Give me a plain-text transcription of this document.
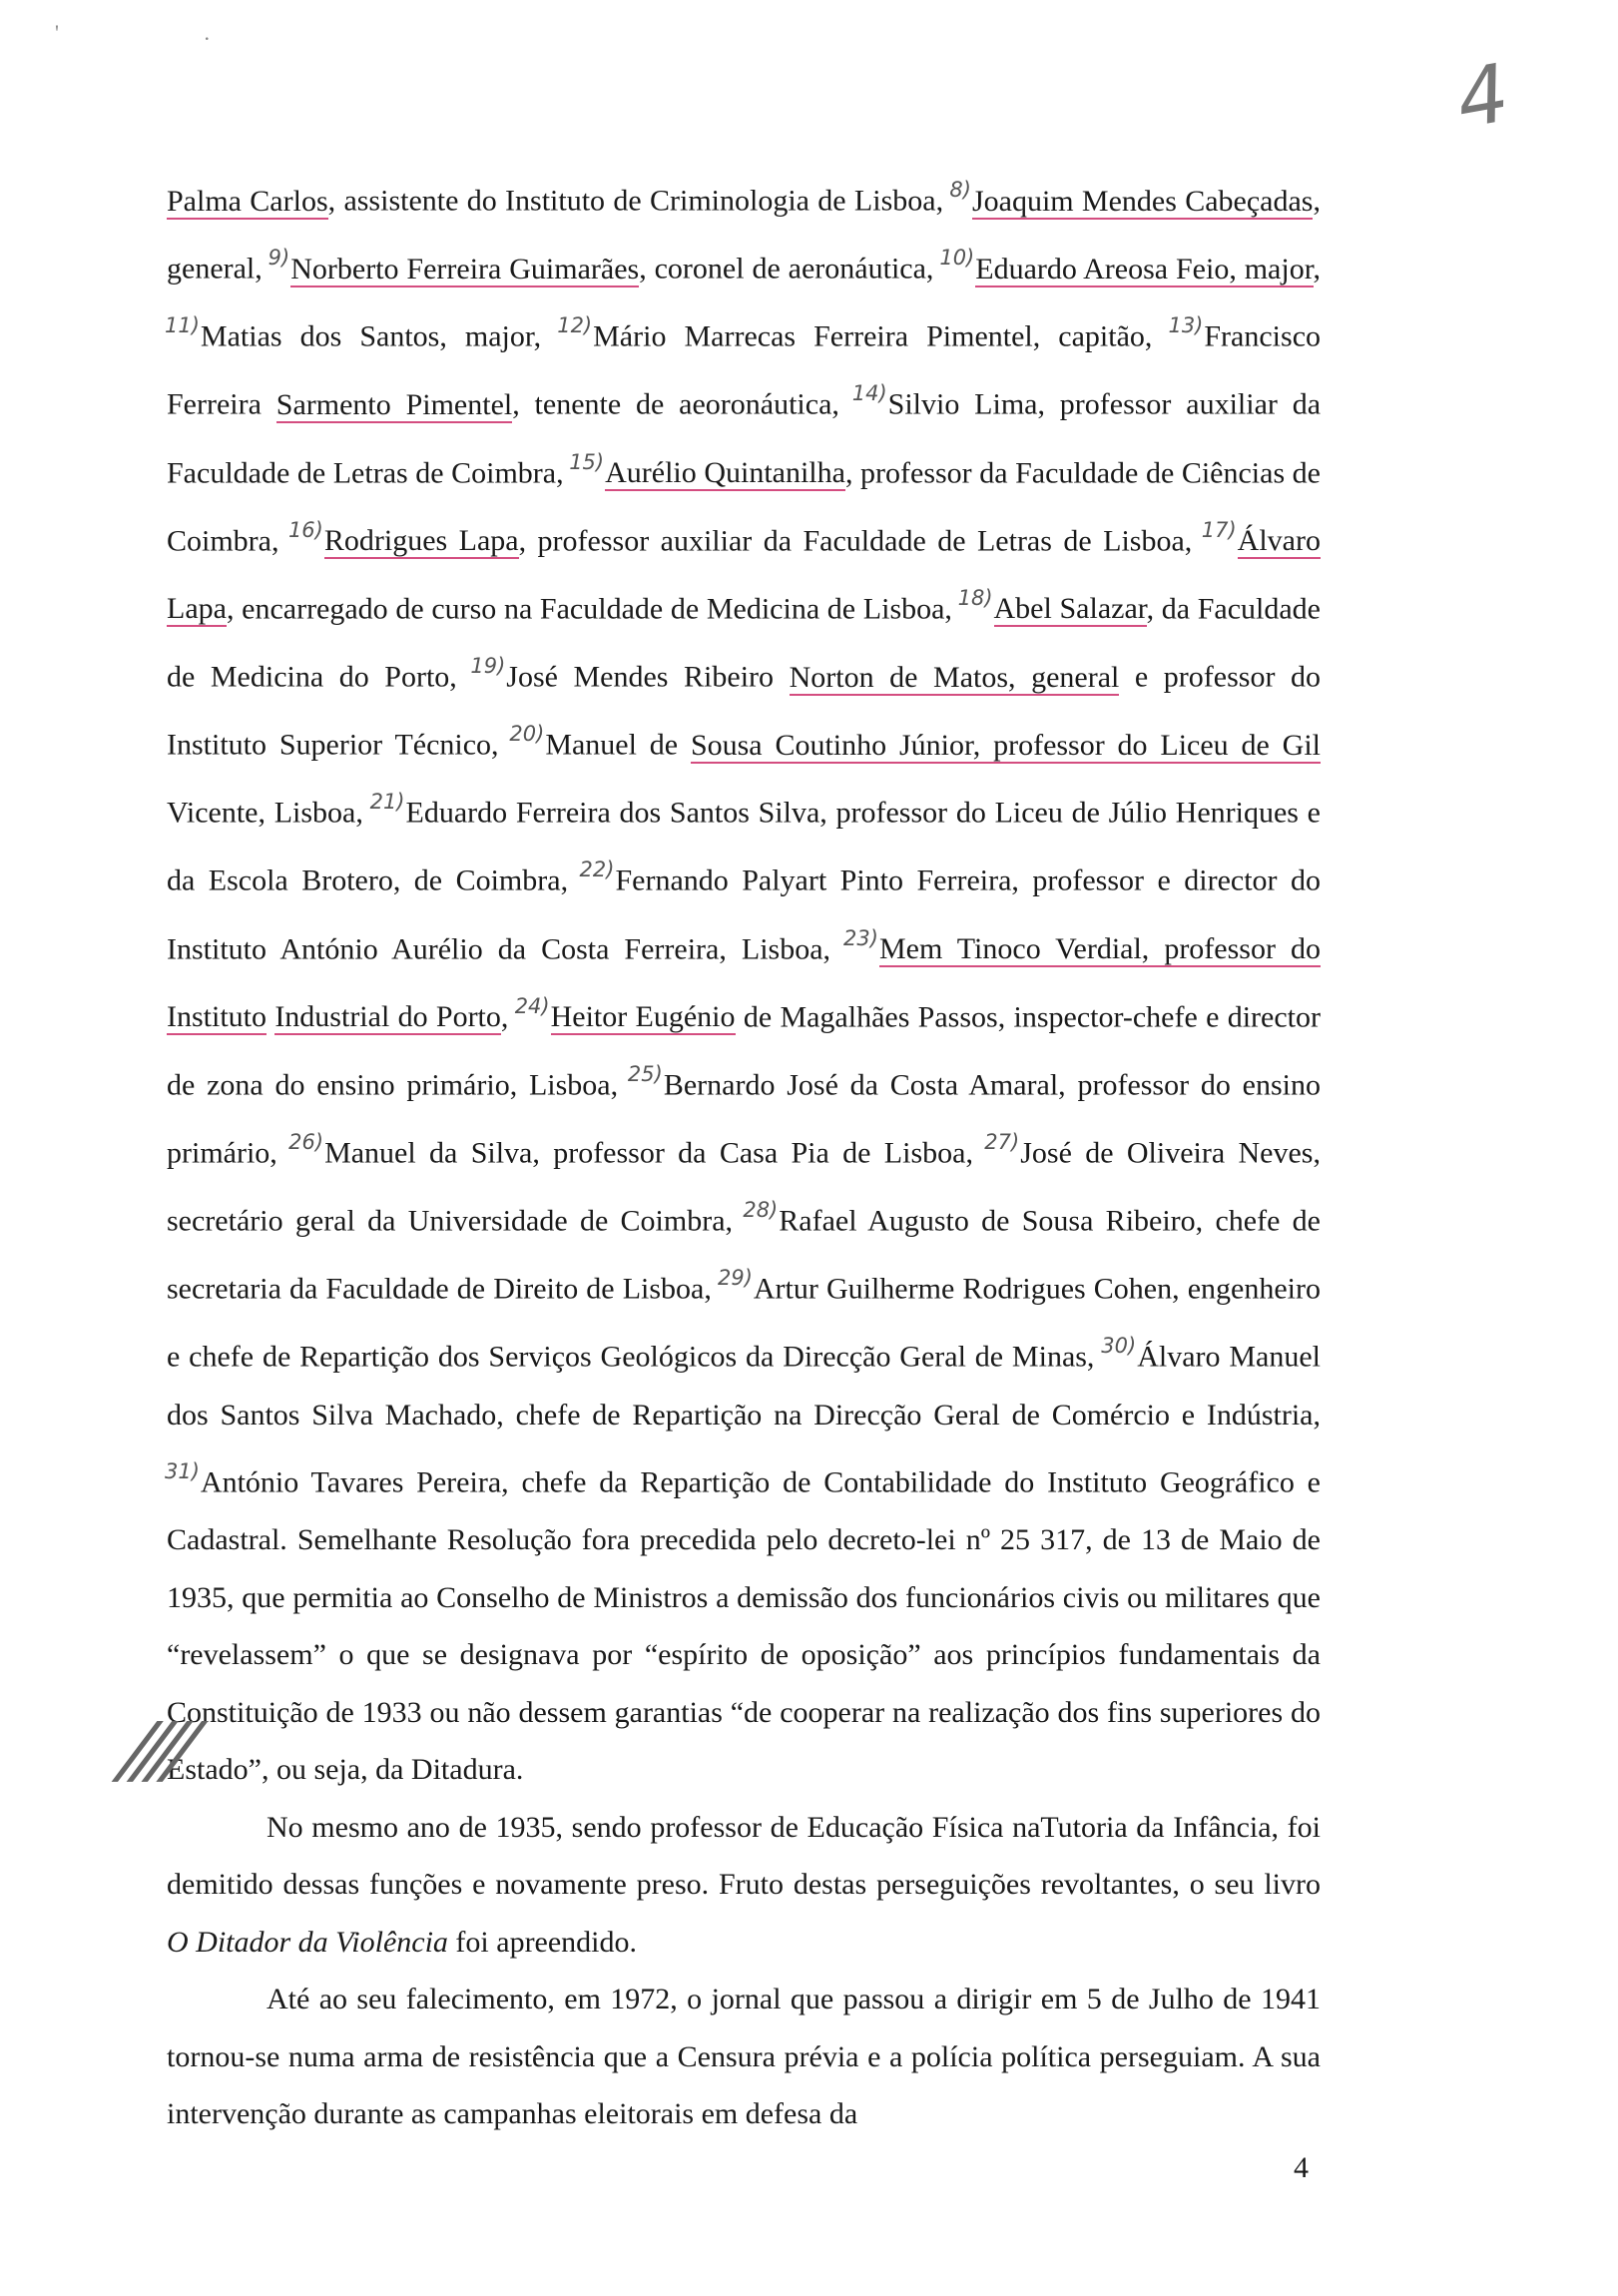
' .
4

Palma Carlos, assistente do Instituto de Criminologia de Lisboa, $^{8)}$Joaquim Mendes Cabeçadas, general, $^{9)}$Norberto Ferreira Guimarães, coronel de aeronáutica, $^{10)}$Eduardo Areosa Feio, major, $^{11)}$Matias dos Santos, major, $^{12)}$Mário Marrecas Ferreira Pimentel, capitão, $^{13)}$Francisco Ferreira Sarmento Pimentel, tenente de aeoronáutica, $^{14)}$Silvio Lima, professor auxiliar da Faculdade de Letras de Coimbra, $^{15)}$Aurélio Quintanilha, professor da Faculdade de Ciências de Coimbra, $^{16)}$Rodrigues Lapa, professor auxiliar da Faculdade de Letras de Lisboa, $^{17)}$Álvaro Lapa, encarregado de curso na Faculdade de Medicina de Lisboa, $^{18)}$Abel Salazar, da Faculdade de Medicina do Porto, $^{19)}$José Mendes Ribeiro Norton de Matos, general e professor do Instituto Superior Técnico, $^{20)}$Manuel de Sousa Coutinho Júnior, professor do Liceu de Gil Vicente, Lisboa, $^{21)}$Eduardo Ferreira dos Santos Silva, professor do Liceu de Júlio Henriques e da Escola Brotero, de Coimbra, $^{22)}$Fernando Palyart Pinto Ferreira, professor e director do Instituto António Aurélio da Costa Ferreira, Lisboa, $^{23)}$Mem Tinoco Verdial, professor do Instituto Industrial do Porto, $^{24)}$Heitor Eugénio de Magalhães Passos, inspector-chefe e director de zona do ensino primário, Lisboa, $^{25)}$Bernardo José da Costa Amaral, professor do ensino primário, $^{26)}$Manuel da Silva, professor da Casa Pia de Lisboa, $^{27)}$José de Oliveira Neves, secretário geral da Universidade de Coimbra, $^{28)}$Rafael Augusto de Sousa Ribeiro, chefe de secretaria da Faculdade de Direito de Lisboa, $^{29)}$Artur Guilherme Rodrigues Cohen, engenheiro e chefe de Repartição dos Serviços Geológicos da Direcção Geral de Minas, $^{30)}$Álvaro Manuel dos Santos Silva Machado, chefe de Repartição na Direcção Geral de Comércio e Indústria, $^{31)}$António Tavares Pereira, chefe da Repartição de Contabilidade do Instituto Geográfico e Cadastral. Semelhante Resolução fora precedida pelo decreto-lei nº 25 317, de 13 de Maio de 1935, que permitia ao Conselho de Ministros a demissão dos funcionários civis ou militares que “revelassem” o que se designava por “espírito de oposição” aos princípios fundamentais da Constituição de 1933 ou não dessem garantias “de cooperar na realização dos fins superiores do Estado”, ou seja, da Ditadura.

No mesmo ano de 1935, sendo professor de Educação Física naTutoria da Infância, foi demitido dessas funções e novamente preso. Fruto destas perseguições revoltantes, o seu livro O Ditador da Violência foi apreendido.

Até ao seu falecimento, em 1972, o jornal que passou a dirigir em 5 de Julho de 1941 tornou-se numa arma de resistência que a Censura prévia e a polícia política perseguiam. A sua intervenção durante as campanhas eleitorais em defesa da

////
4
